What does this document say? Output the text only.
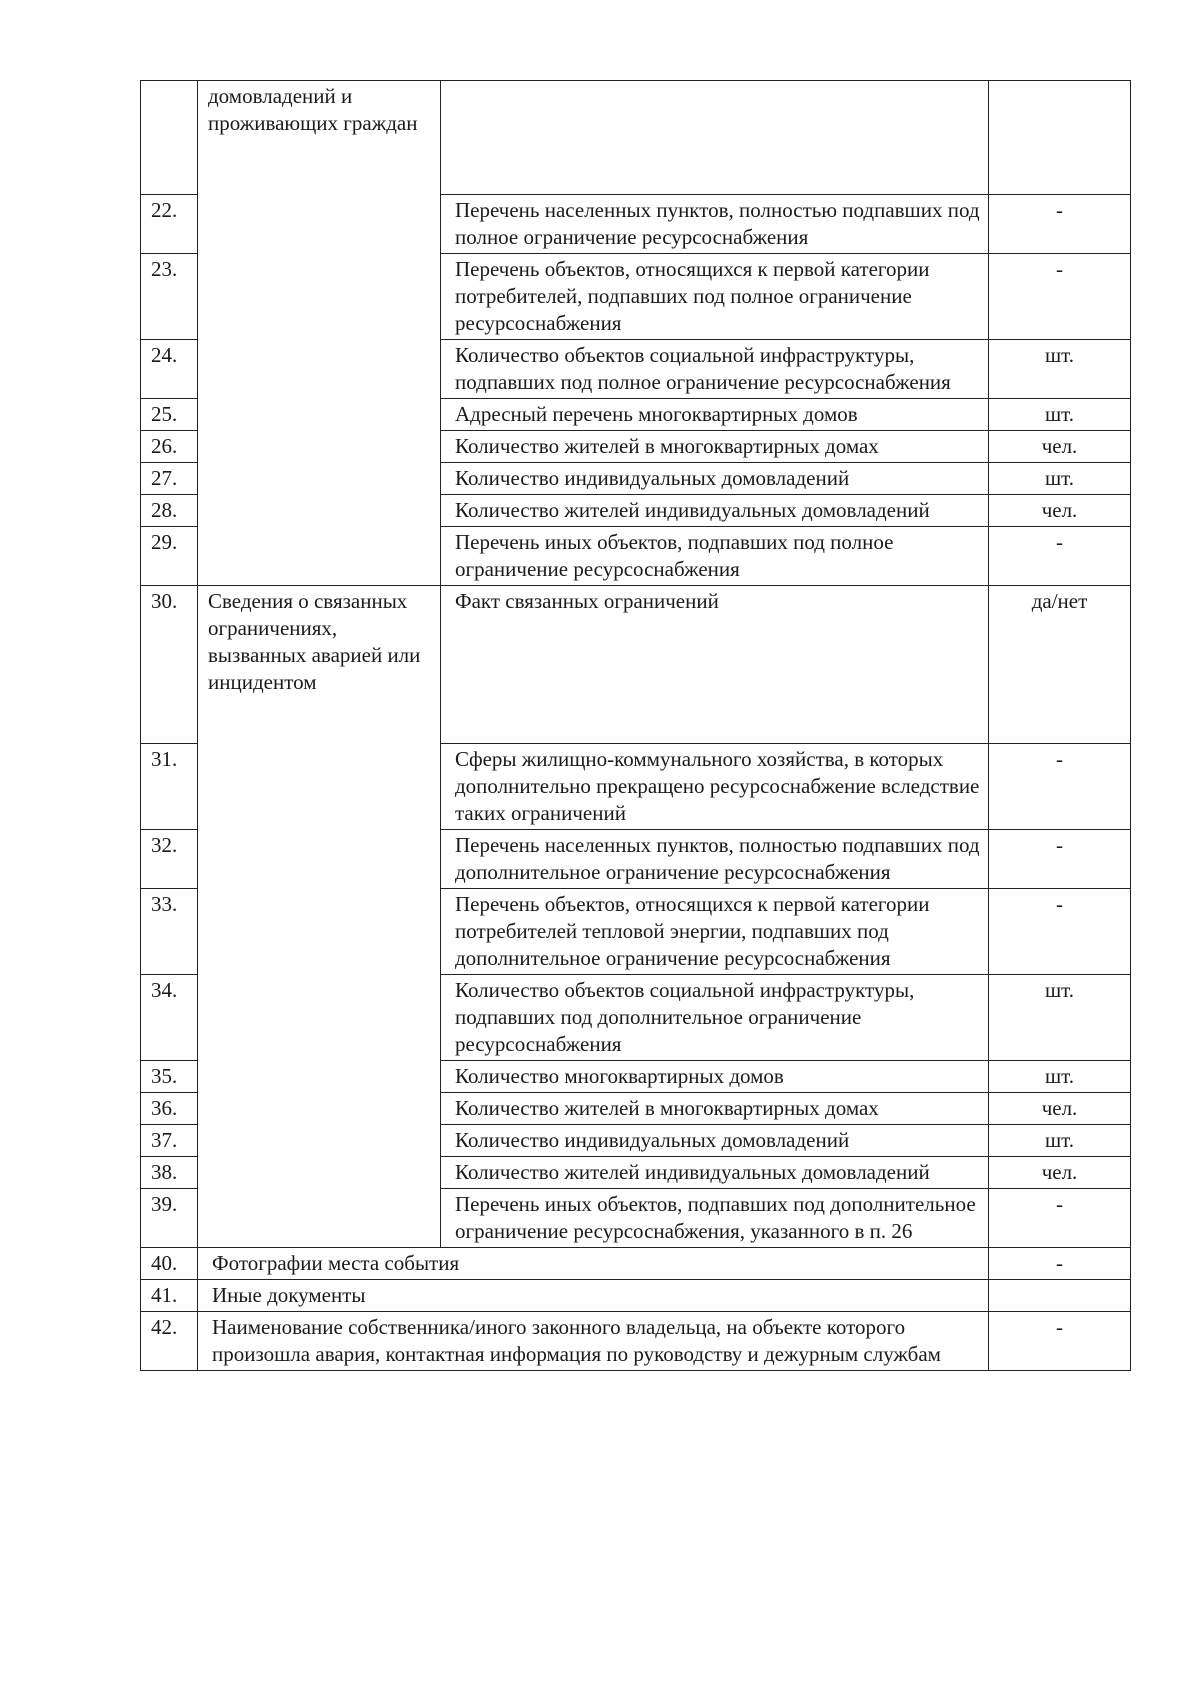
	домовладений и проживающих граждан		
22.		Перечень населенных пунктов, полностью подпавших под полное ограничение ресурсоснабжения	-
23.		Перечень объектов, относящихся к первой категории потребителей, подпавших под полное ограничение ресурсоснабжения	-
24.		Количество объектов социальной инфраструктуры, подпавших под полное ограничение ресурсоснабжения	шт.
25.		Адресный перечень многоквартирных домов	шт.
26.		Количество жителей в многоквартирных домах	чел.
27.		Количество индивидуальных домовладений	шт.
28.		Количество жителей индивидуальных домовладений	чел.
29.		Перечень иных объектов, подпавших под полное ограничение ресурсоснабжения	-
30.	Сведения о связанных ограничениях, вызванных аварией или инцидентом	Факт связанных ограничений	да/нет
31.		Сферы жилищно-коммунального хозяйства, в которых дополнительно прекращено ресурсоснабжение вследствие таких ограничений	-
32.		Перечень населенных пунктов, полностью подпавших под дополнительное ограничение ресурсоснабжения	-
33.		Перечень объектов, относящихся к первой категории потребителей тепловой энергии, подпавших под дополнительное ограничение ресурсоснабжения	-
34.		Количество объектов социальной инфраструктуры, подпавших под дополнительное ограничение ресурсоснабжения	шт.
35.		Количество многоквартирных домов	шт.
36.		Количество жителей в многоквартирных домах	чел.
37.		Количество индивидуальных домовладений	шт.
38.		Количество жителей индивидуальных домовладений	чел.
39.		Перечень иных объектов, подпавших под дополнительное ограничение ресурсоснабжения, указанного в п. 26	-
40.	Фотографии места события		-
41.	Иные документы		
42.	Наименование собственника/иного законного владельца, на объекте которого произошла авария, контактная информация по руководству и дежурным службам		-
